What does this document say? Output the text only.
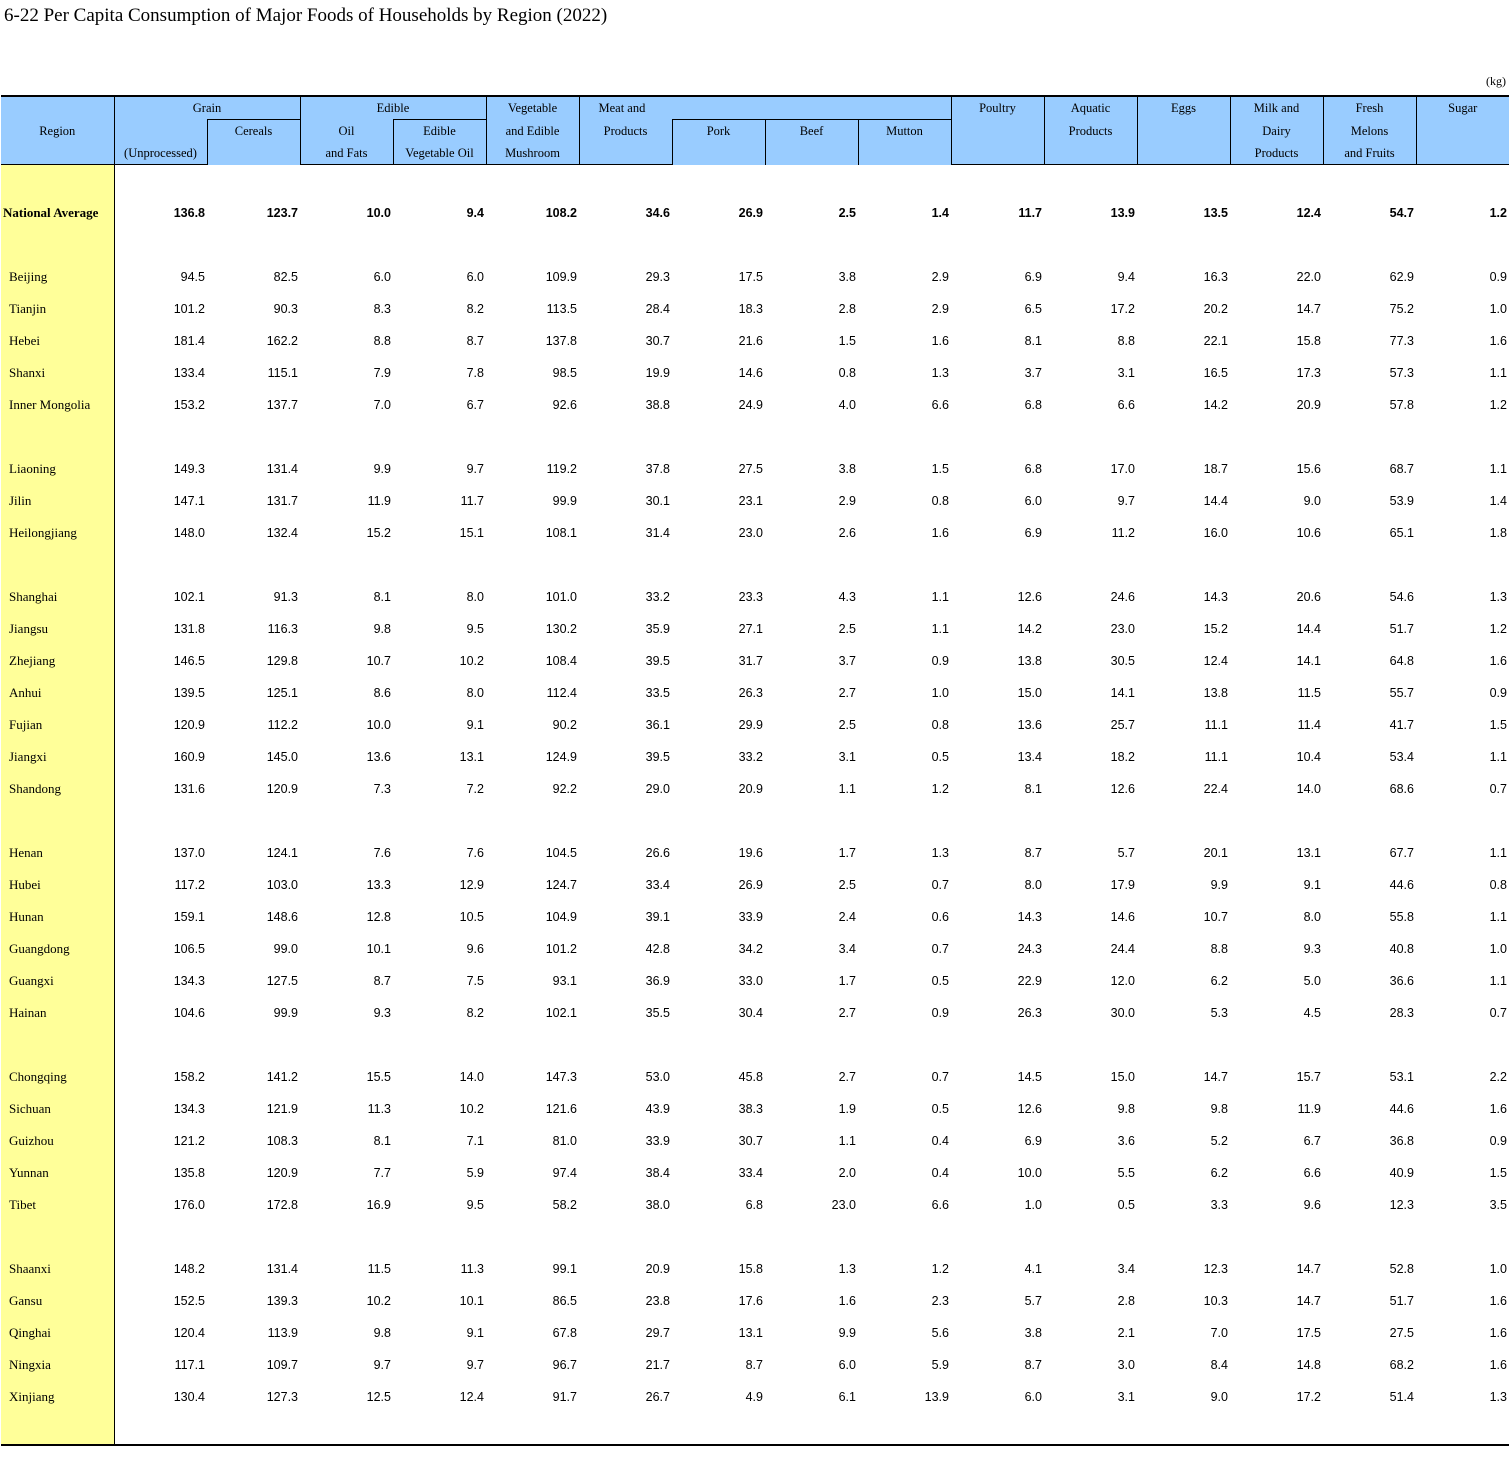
6-22 Per Capita Consumption of Major Foods of Households by Region (2022)
(kg)
Region	Grain		Edible		Vegetable	Meat and				Poultry	Aquatic	Eggs	Milk and	Fresh	Sugar
		Cereals	Oil	Edible	and Edible	Products	Pork	Beef	Mutton		Products		Dairy	Melons	
	(Unprocessed)		and Fats	Vegetable Oil	Mushroom								Products	and Fruits	

National Average	136.8	123.7	10.0	9.4	108.2	34.6	26.9	2.5	1.4	11.7	13.9	13.5	12.4	54.7	1.2

Beijing	94.5	82.5	6.0	6.0	109.9	29.3	17.5	3.8	2.9	6.9	9.4	16.3	22.0	62.9	0.9
Tianjin	101.2	90.3	8.3	8.2	113.5	28.4	18.3	2.8	2.9	6.5	17.2	20.2	14.7	75.2	1.0
Hebei	181.4	162.2	8.8	8.7	137.8	30.7	21.6	1.5	1.6	8.1	8.8	22.1	15.8	77.3	1.6
Shanxi	133.4	115.1	7.9	7.8	98.5	19.9	14.6	0.8	1.3	3.7	3.1	16.5	17.3	57.3	1.1
Inner Mongolia	153.2	137.7	7.0	6.7	92.6	38.8	24.9	4.0	6.6	6.8	6.6	14.2	20.9	57.8	1.2

Liaoning	149.3	131.4	9.9	9.7	119.2	37.8	27.5	3.8	1.5	6.8	17.0	18.7	15.6	68.7	1.1
Jilin	147.1	131.7	11.9	11.7	99.9	30.1	23.1	2.9	0.8	6.0	9.7	14.4	9.0	53.9	1.4
Heilongjiang	148.0	132.4	15.2	15.1	108.1	31.4	23.0	2.6	1.6	6.9	11.2	16.0	10.6	65.1	1.8

Shanghai	102.1	91.3	8.1	8.0	101.0	33.2	23.3	4.3	1.1	12.6	24.6	14.3	20.6	54.6	1.3
Jiangsu	131.8	116.3	9.8	9.5	130.2	35.9	27.1	2.5	1.1	14.2	23.0	15.2	14.4	51.7	1.2
Zhejiang	146.5	129.8	10.7	10.2	108.4	39.5	31.7	3.7	0.9	13.8	30.5	12.4	14.1	64.8	1.6
Anhui	139.5	125.1	8.6	8.0	112.4	33.5	26.3	2.7	1.0	15.0	14.1	13.8	11.5	55.7	0.9
Fujian	120.9	112.2	10.0	9.1	90.2	36.1	29.9	2.5	0.8	13.6	25.7	11.1	11.4	41.7	1.5
Jiangxi	160.9	145.0	13.6	13.1	124.9	39.5	33.2	3.1	0.5	13.4	18.2	11.1	10.4	53.4	1.1
Shandong	131.6	120.9	7.3	7.2	92.2	29.0	20.9	1.1	1.2	8.1	12.6	22.4	14.0	68.6	0.7

Henan	137.0	124.1	7.6	7.6	104.5	26.6	19.6	1.7	1.3	8.7	5.7	20.1	13.1	67.7	1.1
Hubei	117.2	103.0	13.3	12.9	124.7	33.4	26.9	2.5	0.7	8.0	17.9	9.9	9.1	44.6	0.8
Hunan	159.1	148.6	12.8	10.5	104.9	39.1	33.9	2.4	0.6	14.3	14.6	10.7	8.0	55.8	1.1
Guangdong	106.5	99.0	10.1	9.6	101.2	42.8	34.2	3.4	0.7	24.3	24.4	8.8	9.3	40.8	1.0
Guangxi	134.3	127.5	8.7	7.5	93.1	36.9	33.0	1.7	0.5	22.9	12.0	6.2	5.0	36.6	1.1
Hainan	104.6	99.9	9.3	8.2	102.1	35.5	30.4	2.7	0.9	26.3	30.0	5.3	4.5	28.3	0.7

Chongqing	158.2	141.2	15.5	14.0	147.3	53.0	45.8	2.7	0.7	14.5	15.0	14.7	15.7	53.1	2.2
Sichuan	134.3	121.9	11.3	10.2	121.6	43.9	38.3	1.9	0.5	12.6	9.8	9.8	11.9	44.6	1.6
Guizhou	121.2	108.3	8.1	7.1	81.0	33.9	30.7	1.1	0.4	6.9	3.6	5.2	6.7	36.8	0.9
Yunnan	135.8	120.9	7.7	5.9	97.4	38.4	33.4	2.0	0.4	10.0	5.5	6.2	6.6	40.9	1.5
Tibet	176.0	172.8	16.9	9.5	58.2	38.0	6.8	23.0	6.6	1.0	0.5	3.3	9.6	12.3	3.5

Shaanxi	148.2	131.4	11.5	11.3	99.1	20.9	15.8	1.3	1.2	4.1	3.4	12.3	14.7	52.8	1.0
Gansu	152.5	139.3	10.2	10.1	86.5	23.8	17.6	1.6	2.3	5.7	2.8	10.3	14.7	51.7	1.6
Qinghai	120.4	113.9	9.8	9.1	67.8	29.7	13.1	9.9	5.6	3.8	2.1	7.0	17.5	27.5	1.6
Ningxia	117.1	109.7	9.7	9.7	96.7	21.7	8.7	6.0	5.9	8.7	3.0	8.4	14.8	68.2	1.6
Xinjiang	130.4	127.3	12.5	12.4	91.7	26.7	4.9	6.1	13.9	6.0	3.1	9.0	17.2	51.4	1.3
